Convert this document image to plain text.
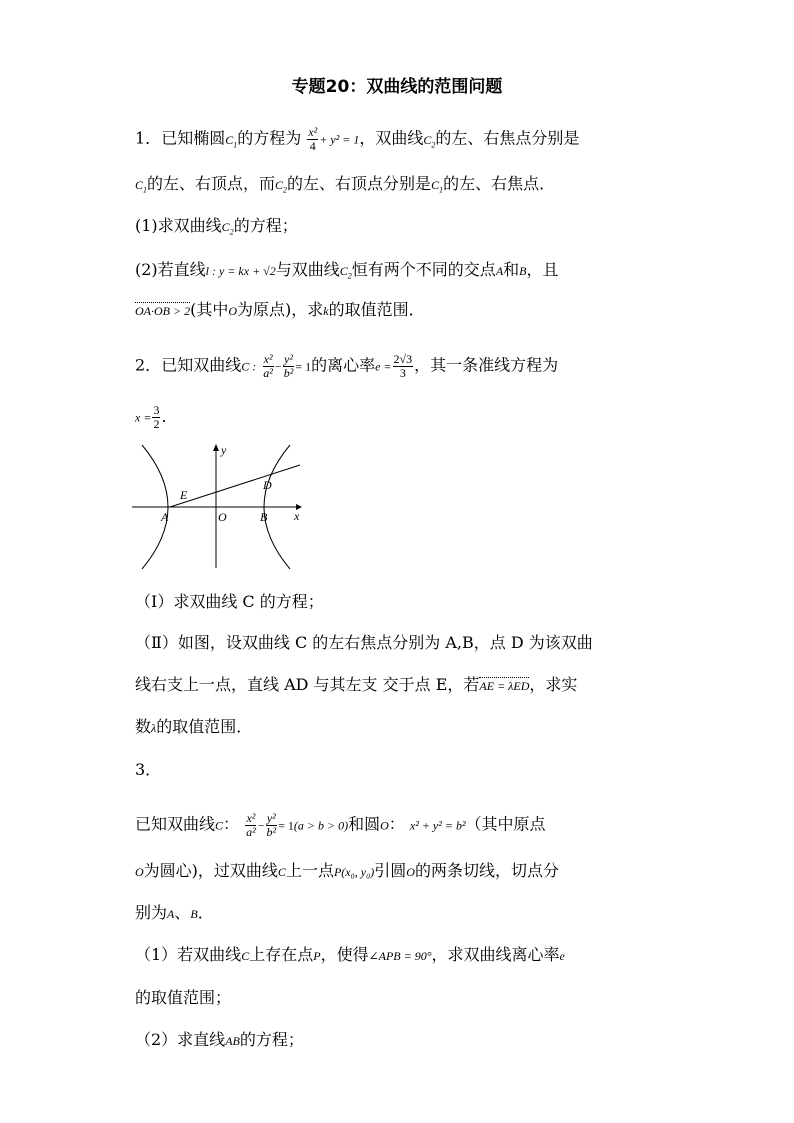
专题20：双曲线的范围问题
1．已知椭圆$C_1$的方程为 $\frac{\text{x²}}{4} + y^2 = 1$，双曲线$C_2$的左、右焦点分别是
$C_1$的左、右顶点，而$C_2$的左、右顶点分别是$C_1$的左、右焦点．
(1)求双曲线$C_2$的方程；
(2)若直线l : y = kx + √2与双曲线$C_2$恒有两个不同的交点A和B，且
OA·OB > 2(其中O为原点)，求k的取值范围．
2．已知双曲线C : $\frac{\text{x²}}{\text{a²}} - \frac{\text{y²}}{\text{b²}} = 1$的离心率$e = \frac{2√3}{3}$ ，其一条准线方程为
$x = \frac{3}{2}$ ．
y
x
E
D
A	O	B
（Ⅰ）求双曲线 C 的方程；
（Ⅱ）如图，设双曲线 C 的左右焦点分别为 A,B，点 D 为该双曲
线右支上一点，直线 AD 与其左支 交于点 E，若AE = λED，求实
数λ的取值范围．
3．
已知双曲线C： $\frac{\text{x²}}{\text{a²}} - \frac{\text{y²}}{\text{b²}} = 1(a > b > 0)$和圆O： x² + y² = b²（其中原点
O为圆心)，过双曲线C上一点P(x₀, y₀)引圆O的两条切线，切点分
别为A、B．
（1）若双曲线C上存在点P，使得∠APB = 90°，求双曲线离心率e
的取值范围；
（2）求直线AB的方程；
